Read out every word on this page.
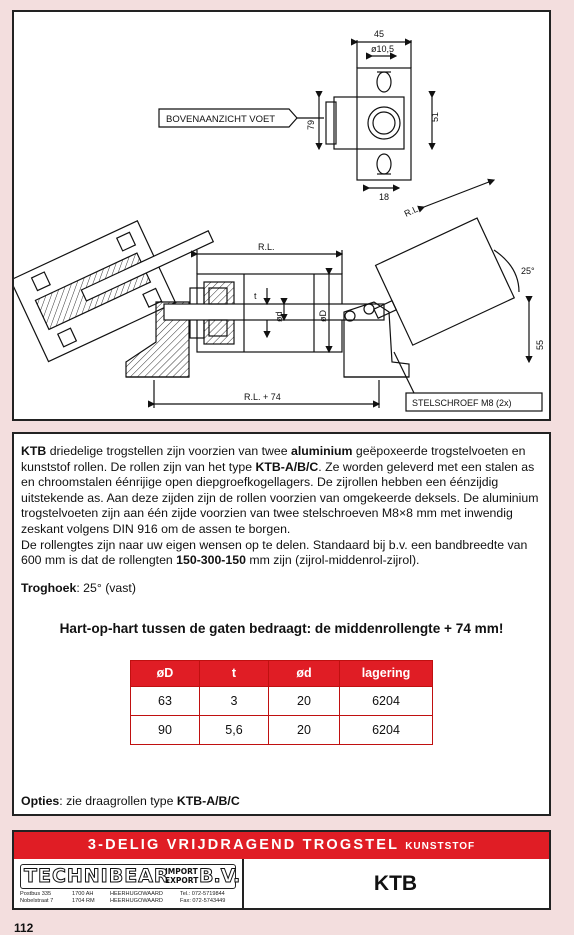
45
ø10,5
79
51
18
BOVENAANZICHT VOET
R.L.
R.L.
25°
55
t
ød	øD
R.L. + 74
STELSCHROEF M8 (2x)

KTB driedelige trogstellen zijn voorzien van twee aluminium geëpoxeerde trogstelvoeten en kunststof rollen. De rollen zijn van het type KTB-A/B/C. Ze worden geleverd met een stalen as en chroomstalen éénrijige open diepgroefkogellagers. De zijrollen hebben een éénzijdig uitstekende as. Aan deze zijden zijn de rollen voorzien van omgekeerde deksels. De aluminium trogstelvoeten zijn aan één zijde voorzien van twee stelschroeven M8×8 mm met inwendig zeskant volgens DIN 916 om de assen te borgen.
De rollengtes zijn naar uw eigen wensen op te delen. Standaard bij b.v. een bandbreedte van 600 mm is dat de rollengten 150-300-150 mm zijn (zijrol-middenrol-zijrol).

Troghoek: 25° (vast)
Hart-op-hart tussen de gaten bedraagt: de middenrollengte + 74 mm!
øD	t	ød	lagering
63	3	20	6204
90	5,6	20	6204
Opties: zie draagrollen type KTB-A/B/C
3-DELIG VRIJDRAGEND TROGSTEL KUNSTSTOF
TECHNIBEAR
IMPORT
EXPORT B.V.
Postbus 335
Nobelstraat 7
1700 AH
1704 RM
HEERHUGOWAARD
HEERHUGOWAARD
Tel.: 072-5719844
Fax: 072-5743449
KTB
112
